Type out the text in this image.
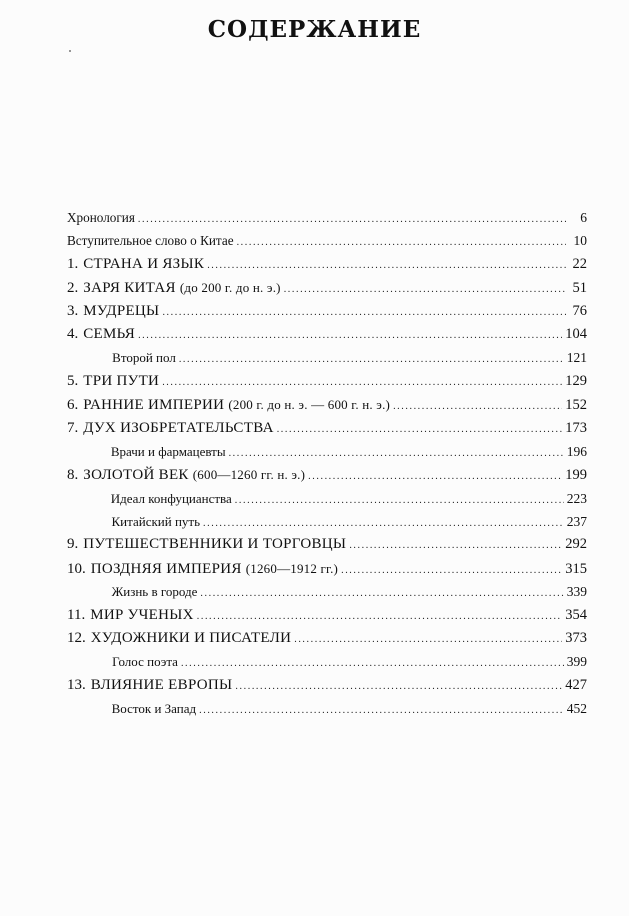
СОДЕРЖАНИЕ
Хронология .....	6
Вступительное слово о Китае .....	10
1. СТРАНА И ЯЗЫК .....	22
2. ЗАРЯ КИТАЯ (до 200 г. до н. э.) .....	51
3. МУДРЕЦЫ .....	76
4. СЕМЬЯ .....	104
Второй пол .....	121
5. ТРИ ПУТИ .....	129
6. РАННИЕ ИМПЕРИИ (200 г. до н. э. — 600 г. н. э.) .....	152
7. ДУХ ИЗОБРЕТАТЕЛЬСТВА .....	173
Врачи и фармацевты .....	196
8. ЗОЛОТОЙ ВЕК (600—1260 гг. н. э.) .....	199
Идеал конфуцианства .....	223
Китайский путь .....	237
9. ПУТЕШЕСТВЕННИКИ И ТОРГОВЦЫ .....	292
10. ПОЗДНЯЯ ИМПЕРИЯ (1260—1912 гг.) .....	315
Жизнь в городе .....	339
11. МИР УЧЕНЫХ .....	354
12. ХУДОЖНИКИ И ПИСАТЕЛИ .....	373
Голос поэта .....	399
13. ВЛИЯНИЕ ЕВРОПЫ .....	427
Восток и Запад .....	452
